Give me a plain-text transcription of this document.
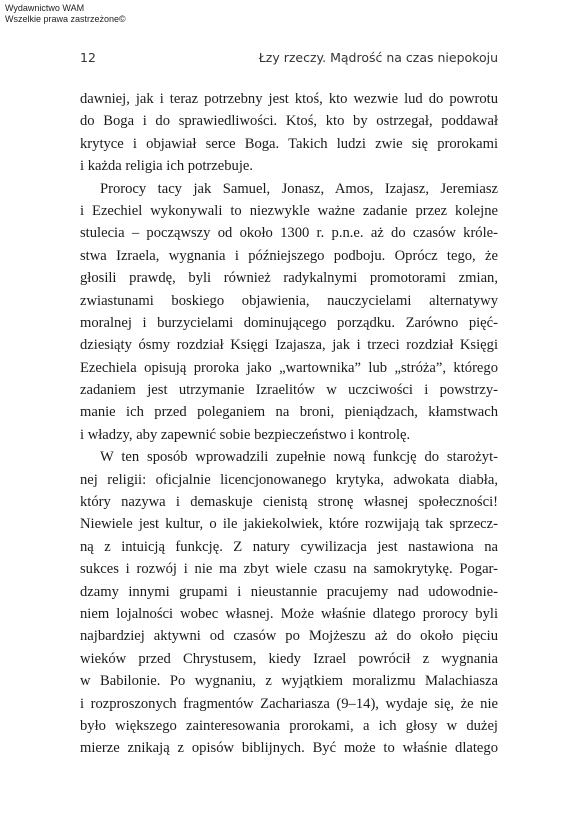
Wydawnictwo WAM
Wszelkie prawa zastrzeżone©
12	Łzy rzeczy. Mądrość na czas niepokoju
dawniej, jak i teraz potrzebny jest ktoś, kto wezwie lud do powrotu
do Boga i do sprawiedliwości. Ktoś, kto by ostrzegał, poddawał
krytyce i objawiał serce Boga. Takich ludzi zwie się prorokami
i każda religia ich potrzebuje.
Prorocy tacy jak Samuel, Jonasz, Amos, Izajasz, Jeremiasz
i Ezechiel wykonywali to niezwykle ważne zadanie przez kolejne
stulecia – począwszy od około 1300 r. p.n.e. aż do czasów króle-
stwa Izraela, wygnania i późniejszego podboju. Oprócz tego, że
głosili prawdę, byli również radykalnymi promotorami zmian,
zwiastunami boskiego objawienia, nauczycielami alternatywy
moralnej i burzycielami dominującego porządku. Zarówno pięć-
dziesiąty ósmy rozdział Księgi Izajasza, jak i trzeci rozdział Księgi
Ezechiela opisują proroka jako „wartownika” lub „stróża”, którego
zadaniem jest utrzymanie Izraelitów w uczciwości i powstrzy-
manie ich przed poleganiem na broni, pieniądzach, kłamstwach
i władzy, aby zapewnić sobie bezpieczeństwo i kontrolę.
W ten sposób wprowadzili zupełnie nową funkcję do starożyt-
nej religii: oficjalnie licencjonowanego krytyka, adwokata diabła,
który nazywa i demaskuje cienistą stronę własnej społeczności!
Niewiele jest kultur, o ile jakiekolwiek, które rozwijają tak sprzecz-
ną z intuicją funkcję. Z natury cywilizacja jest nastawiona na
sukces i rozwój i nie ma zbyt wiele czasu na samokrytykę. Pogar-
dzamy innymi grupami i nieustannie pracujemy nad udowodnie-
niem lojalności wobec własnej. Może właśnie dlatego prorocy byli
najbardziej aktywni od czasów po Mojżeszu aż do około pięciu
wieków przed Chrystusem, kiedy Izrael powrócił z wygnania
w Babilonie. Po wygnaniu, z wyjątkiem moralizmu Malachiasza
i rozproszonych fragmentów Zachariasza (9–14), wydaje się, że nie
było większego zainteresowania prorokami, a ich głosy w dużej
mierze znikają z opisów biblijnych. Być może to właśnie dlatego
